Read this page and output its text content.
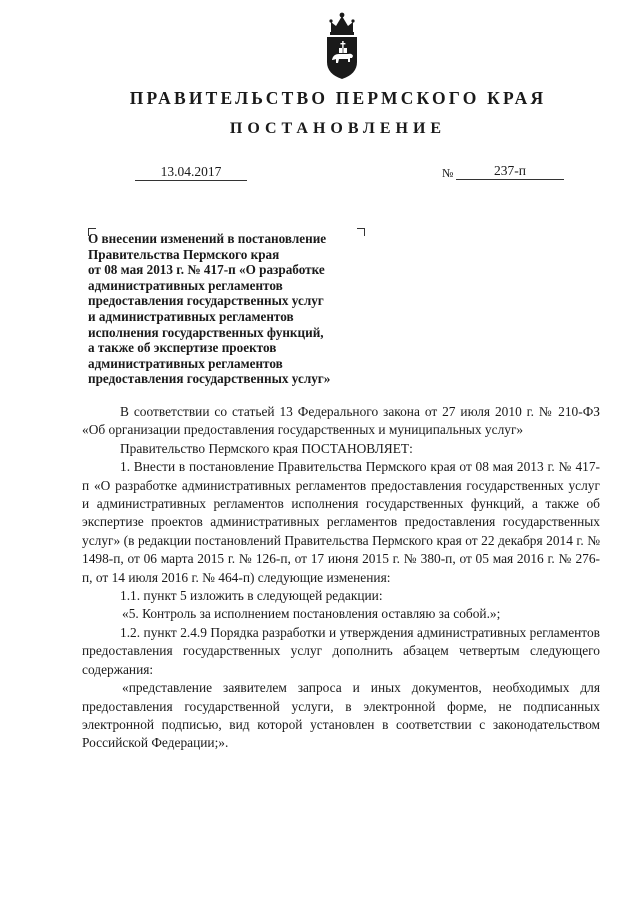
ПРАВИТЕЛЬСТВО ПЕРМСКОГО КРАЯ
ПОСТАНОВЛЕНИЕ
13.04.2017	№	237-п
О внесении изменений в постановление
Правительства Пермского края
от 08 мая 2013 г. № 417-п «О разработке
административных регламентов
предоставления государственных услуг
и административных регламентов
исполнения государственных функций,
а также об экспертизе проектов
административных регламентов
предоставления государственных услуг»

В соответствии со статьей 13 Федерального закона от 27 июля 2010 г. № 210-ФЗ «Об организации предоставления государственных и муниципальных услуг»

Правительство Пермского края ПОСТАНОВЛЯЕТ:

1. Внести в постановление Правительства Пермского края от 08 мая 2013 г. № 417-п «О разработке административных регламентов предоставления государственных услуг и административных регламентов исполнения государственных функций, а также об экспертизе проектов административных регламентов предоставления государственных услуг» (в редакции постановлений Правительства Пермского края от 22 декабря 2014 г. № 1498-п, от 06 марта 2015 г. № 126-п, от 17 июня 2015 г. № 380-п, от 05 мая 2016 г. № 276-п, от 14 июля 2016 г. № 464-п) следующие изменения:

1.1. пункт 5 изложить в следующей редакции:

«5. Контроль за исполнением постановления оставляю за собой.»;

1.2. пункт 2.4.9 Порядка разработки и утверждения административных регламентов предоставления государственных услуг дополнить абзацем четвертым следующего содержания:

«представление заявителем запроса и иных документов, необходимых для предоставления государственной услуги, в электронной форме, не подписанных электронной подписью, вид которой установлен в соответствии с законодательством Российской Федерации;».
